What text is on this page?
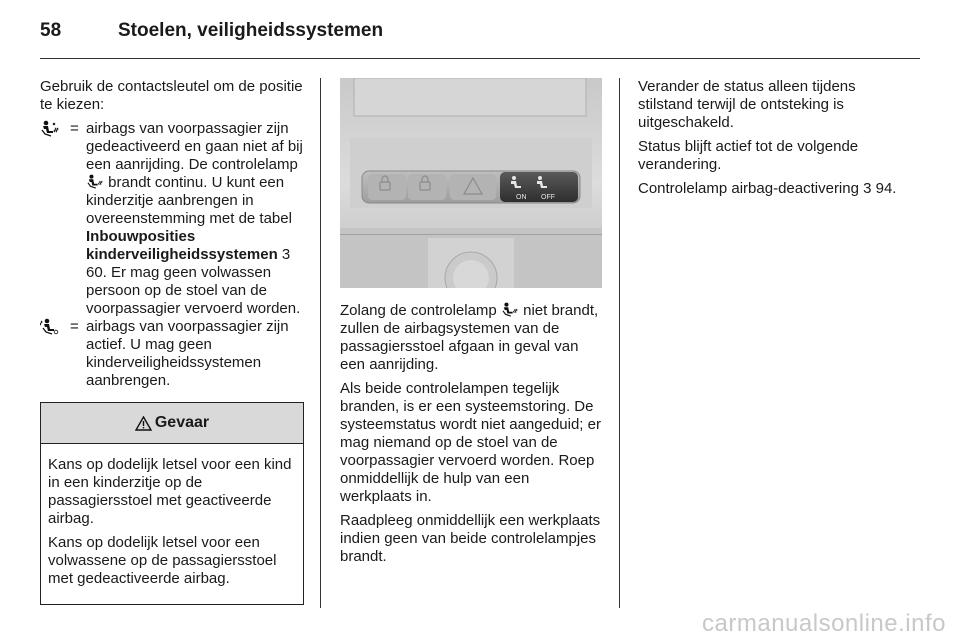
58	Stoelen, veiligheidssystemen

Gebruik de contactsleutel om de positie te kiezen:

= airbags van voorpassagier zijn gedeactiveerd en gaan niet af bij een aanrijding. De controlelamp  brandt continu. U kunt een kinderzitje aanbrengen in overeenstemming met de tabel Inbouwposities kinderveiligheidssystemen 3 60. Er mag geen volwassen persoon op de stoel van de voorpassagier vervoerd worden.
= airbags van voorpassagier zijn actief. U mag geen kinderveiligheidssystemen aanbrengen.
Gevaar

Kans op dodelijk letsel voor een kind in een kinderzitje op de passagiersstoel met geactiveerde airbag.

Kans op dodelijk letsel voor een volwassene op de passagiersstoel met gedeactiveerde airbag.

ON OFF

Zolang de controlelamp niet brandt, zullen de airbagsystemen van de passagiersstoel afgaan in geval van een aanrijding.

Als beide controlelampen tegelijk branden, is er een systeemstoring. De systeemstatus wordt niet aangeduid; er mag niemand op de stoel van de voorpassagier vervoerd worden. Roep onmiddellijk de hulp van een werkplaats in.

Raadpleeg onmiddellijk een werkplaats indien geen van beide controlelampjes brandt.

Verander de status alleen tijdens stilstand terwijl de ontsteking is uitgeschakeld.

Status blijft actief tot de volgende verandering.

Controlelamp airbag-deactivering 3 94.

carmanualsonline.info
